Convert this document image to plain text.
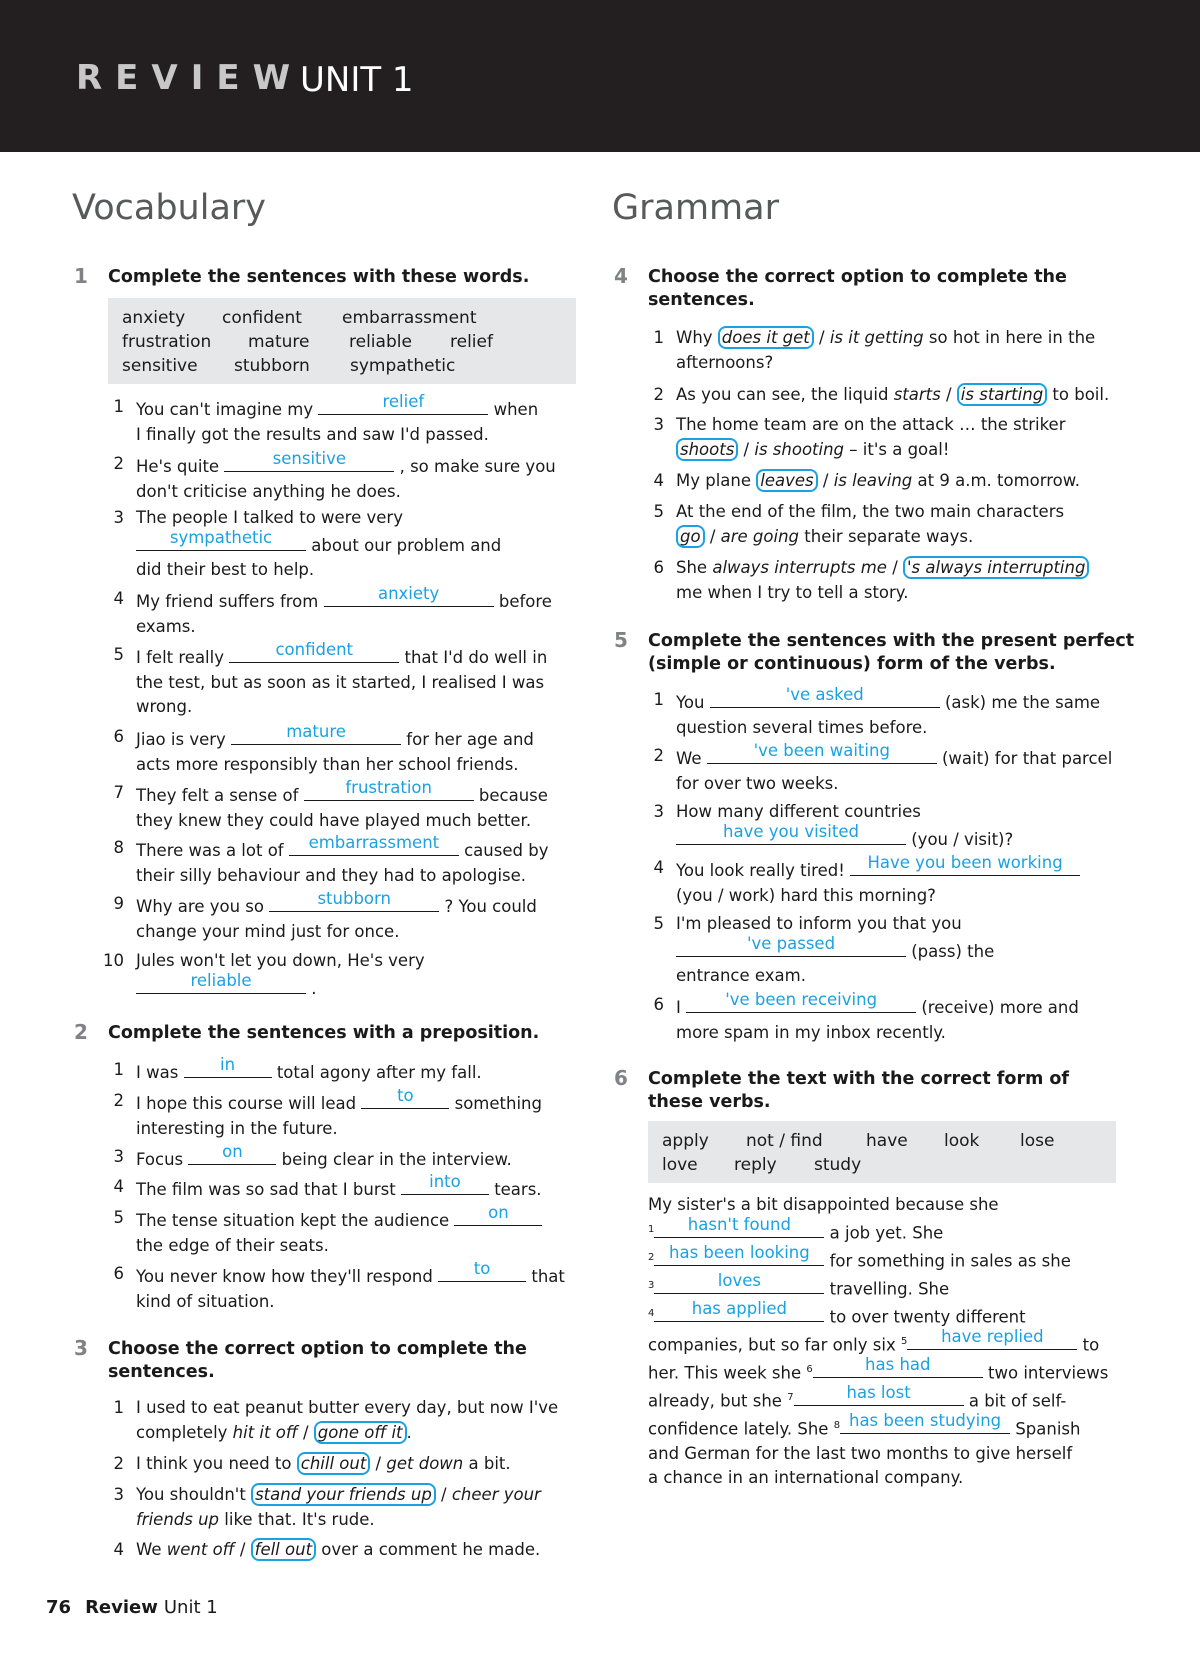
REVIEW
UNIT 1
Vocabulary	Grammar
1 Complete the sentences with these words.
anxiety confident embarrassment
frustration mature reliable relief
sensitive stubborn sympathetic
1 You can't imagine my	relief	when
I finally got the results and saw I'd passed.
2 He's quite	sensitive	, so make sure you
don't criticise anything he does.
3 The people I talked to were very

sympathetic	about our problem and
did their best to help.
4 My friend suffers from	anxiety	before
exams.
5 I felt really	confident	that I'd do well in
the test, but as soon as it started, I realised I was
wrong.
6 Jiao is very	mature	for her age and
acts more responsibly than her school friends.
7 They felt a sense of	frustration	because
they knew they could have played much better.
8 There was a lot of	embarrassment	caused by
their silly behaviour and they had to apologise.
9 Why are you so	stubborn	? You could
change your mind just for once.
10 Jules won't let you down, He's very

reliable	.
2 Complete the sentences with a preposition.
1 I was	in	total agony after my fall.
2 I hope this course will lead	to	something
interesting in the future.
3 Focus	on	being clear in the interview.
4 The film was so sad that I burst	into	tears.
5 The tense situation kept the audience	on

the edge of their seats.
6 You never know how they'll respond	to	that
kind of situation.
3 Choose the correct option to complete the
sentences.
1 I used to eat peanut butter every day, but now I've
completely hit it off / gone off it .
2 I think you need to chill out / get down a bit.
3 You shouldn't stand your friends up / cheer your
friends up like that. It's rude.
4 We went off / fell out over a comment he made.
4 Choose the correct option to complete the
sentences.
1 Why does it get / is it getting so hot in here in the
afternoons?
2 As you can see, the liquid starts / is starting to boil.
3 The home team are on the attack … the striker
shoots / is shooting – it's a goal!
4 My plane leaves / is leaving at 9 a.m. tomorrow.
5 At the end of the film, the two main characters
go / are going their separate ways.
6 She always interrupts me / 's always interrupting
me when I try to tell a story.
5 Complete the sentences with the present perfect
(simple or continuous) form of the verbs.
1 You	've asked	(ask) me the same
question several times before.
2 We	've been waiting	(wait) for that parcel
for over two weeks.
3 How many different countries

have you visited	(you / visit)?
4 You look really tired!	Have you been working

(you / work) hard this morning?
5 I'm pleased to inform you that you

've passed	(pass) the
entrance exam.
6 I	've been receiving	(receive) more and
more spam in my inbox recently.
6 Complete the text with the correct form of
these verbs.
apply not / find	have look lose
love reply study
My sister's a bit disappointed because she
$^1$	hasn't found	a job yet. She
$^2$ has been looking	for something in sales as she
$^3$	loves	travelling. She
$^4$	has applied	to over twenty different
companies, but so far only six $^5$	have replied	to
her. This week she $^6$	has had	two interviews
already, but she $^7$	has lost	a bit of self-
confidence lately. She $^8$ has been studying Spanish
and German for the last two months to give herself
a chance in an international company.
76 Review Unit 1
